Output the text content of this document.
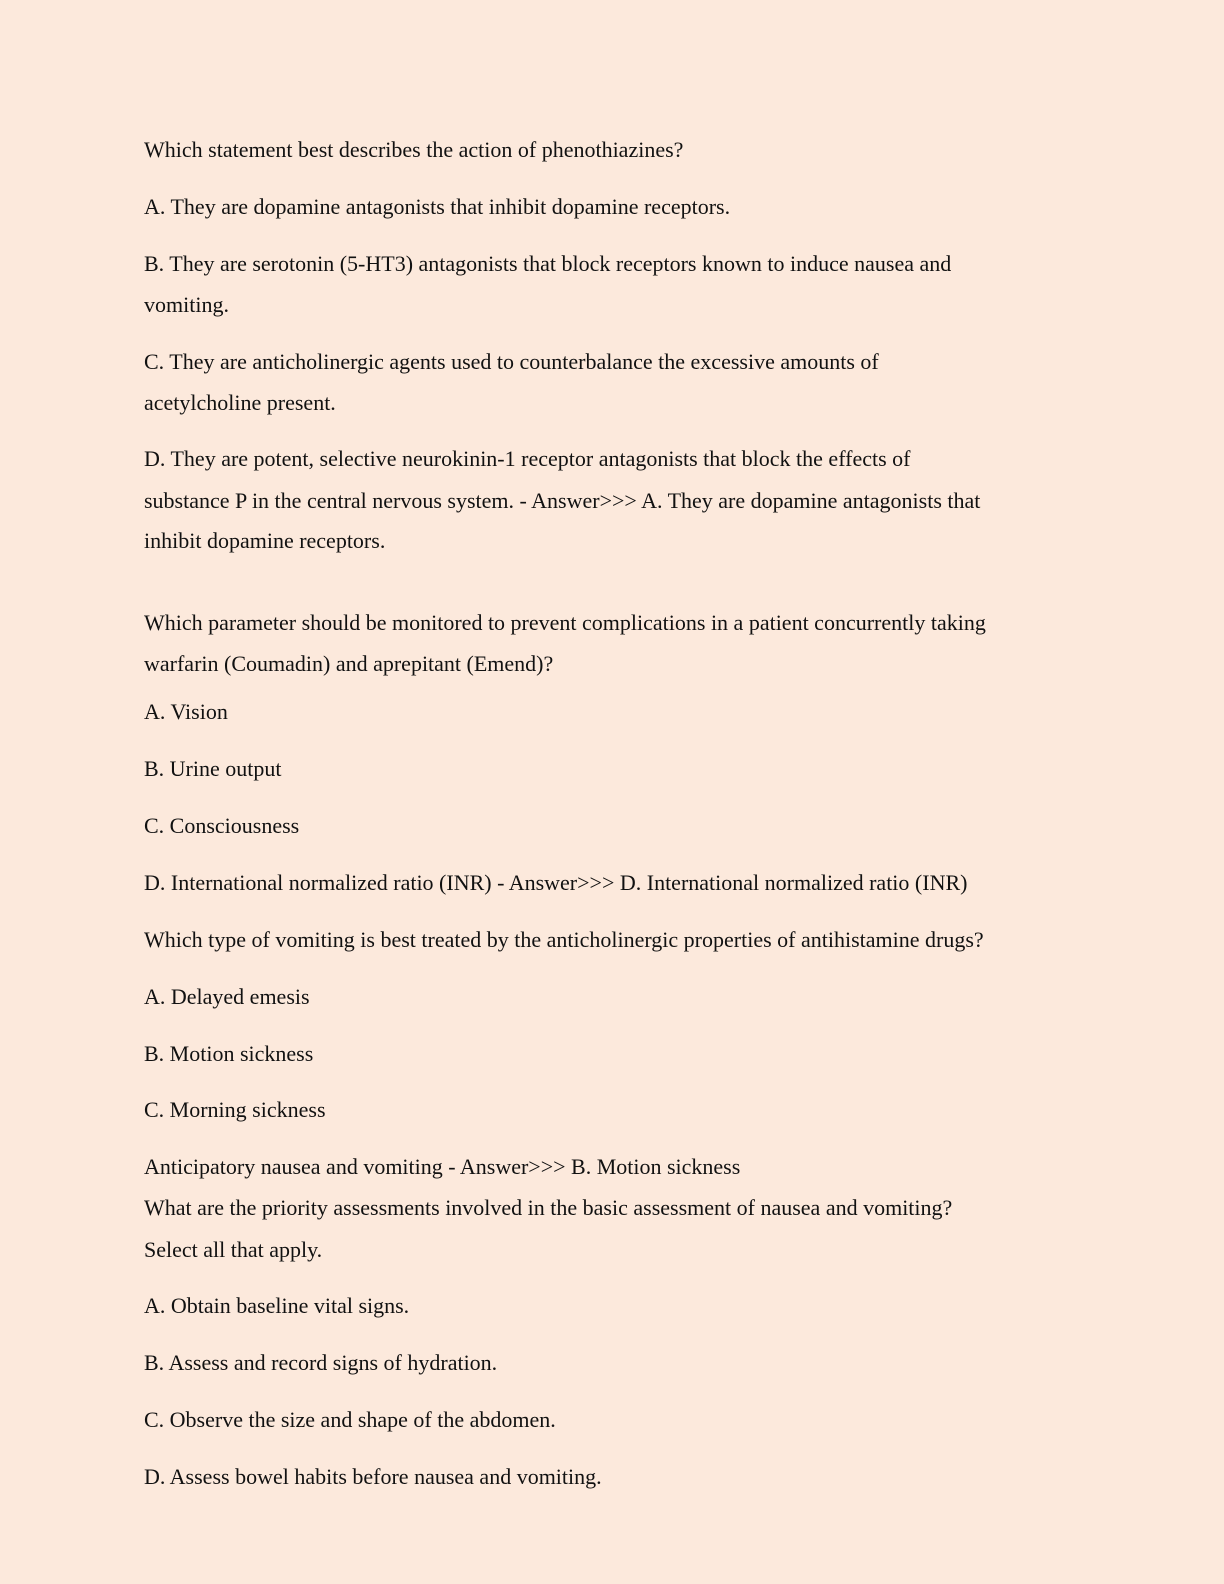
Which statement best describes the action of phenothiazines?

A. They are dopamine antagonists that inhibit dopamine receptors.

B. They are serotonin (5-HT3) antagonists that block receptors known to induce nausea and

vomiting.

C. They are anticholinergic agents used to counterbalance the excessive amounts of

acetylcholine present.

D. They are potent, selective neurokinin-1 receptor antagonists that block the effects of

substance P in the central nervous system. - Answer>>> A. They are dopamine antagonists that

inhibit dopamine receptors.

Which parameter should be monitored to prevent complications in a patient concurrently taking

warfarin (Coumadin) and aprepitant (Emend)?

A. Vision

B. Urine output

C. Consciousness

D. International normalized ratio (INR) - Answer>>> D. International normalized ratio (INR)

Which type of vomiting is best treated by the anticholinergic properties of antihistamine drugs?

A. Delayed emesis

B. Motion sickness

C. Morning sickness

Anticipatory nausea and vomiting - Answer>>> B. Motion sickness

What are the priority assessments involved in the basic assessment of nausea and vomiting?

Select all that apply.

A. Obtain baseline vital signs.

B. Assess and record signs of hydration.

C. Observe the size and shape of the abdomen.

D. Assess bowel habits before nausea and vomiting.
